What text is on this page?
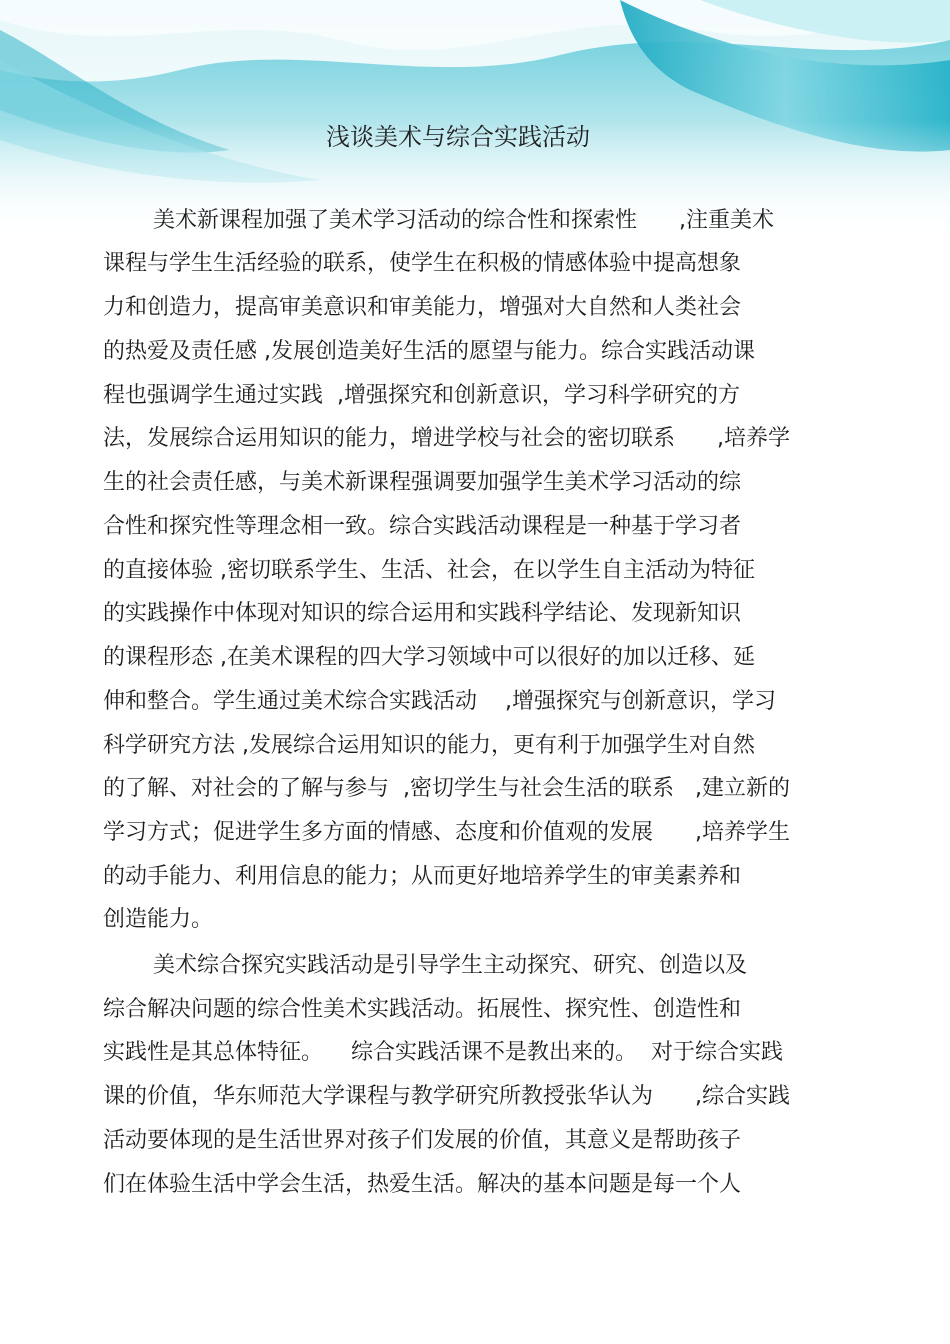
浅谈美术与综合实践活动
美术新课程加强了美术学习活动的综合性和探索性      ,注重美术
课程与学生生活经验的联系，使学生在积极的情感体验中提高想象
力和创造力，提高审美意识和审美能力，增强对大自然和人类社会
的热爱及责任感 ,发展创造美好生活的愿望与能力。综合实践活动课
程也强调学生通过实践  ,增强探究和创新意识，学习科学研究的方
法，发展综合运用知识的能力，增进学校与社会的密切联系      ,培养学
生的社会责任感，与美术新课程强调要加强学生美术学习活动的综
合性和探究性等理念相一致。综合实践活动课程是一种基于学习者
的直接体验 ,密切联系学生、生活、社会，在以学生自主活动为特征
的实践操作中体现对知识的综合运用和实践科学结论、发现新知识
的课程形态 ,在美术课程的四大学习领域中可以很好的加以迁移、延
伸和整合。学生通过美术综合实践活动    ,增强探究与创新意识，学习
科学研究方法 ,发展综合运用知识的能力，更有利于加强学生对自然
的了解、对社会的了解与参与  ,密切学生与社会生活的联系   ,建立新的
学习方式；促进学生多方面的情感、态度和价值观的发展      ,培养学生
的动手能力、利用信息的能力；从而更好地培养学生的审美素养和
创造能力。
美术综合探究实践活动是引导学生主动探究、研究、创造以及
综合解决问题的综合性美术实践活动。拓展性、探究性、创造性和
实践性是其总体特征。    综合实践活课不是教出来的。  对于综合实践
课的价值，华东师范大学课程与教学研究所教授张华认为      ,综合实践
活动要体现的是生活世界对孩子们发展的价值，其意义是帮助孩子
们在体验生活中学会生活，热爱生活。解决的基本问题是每一个人
